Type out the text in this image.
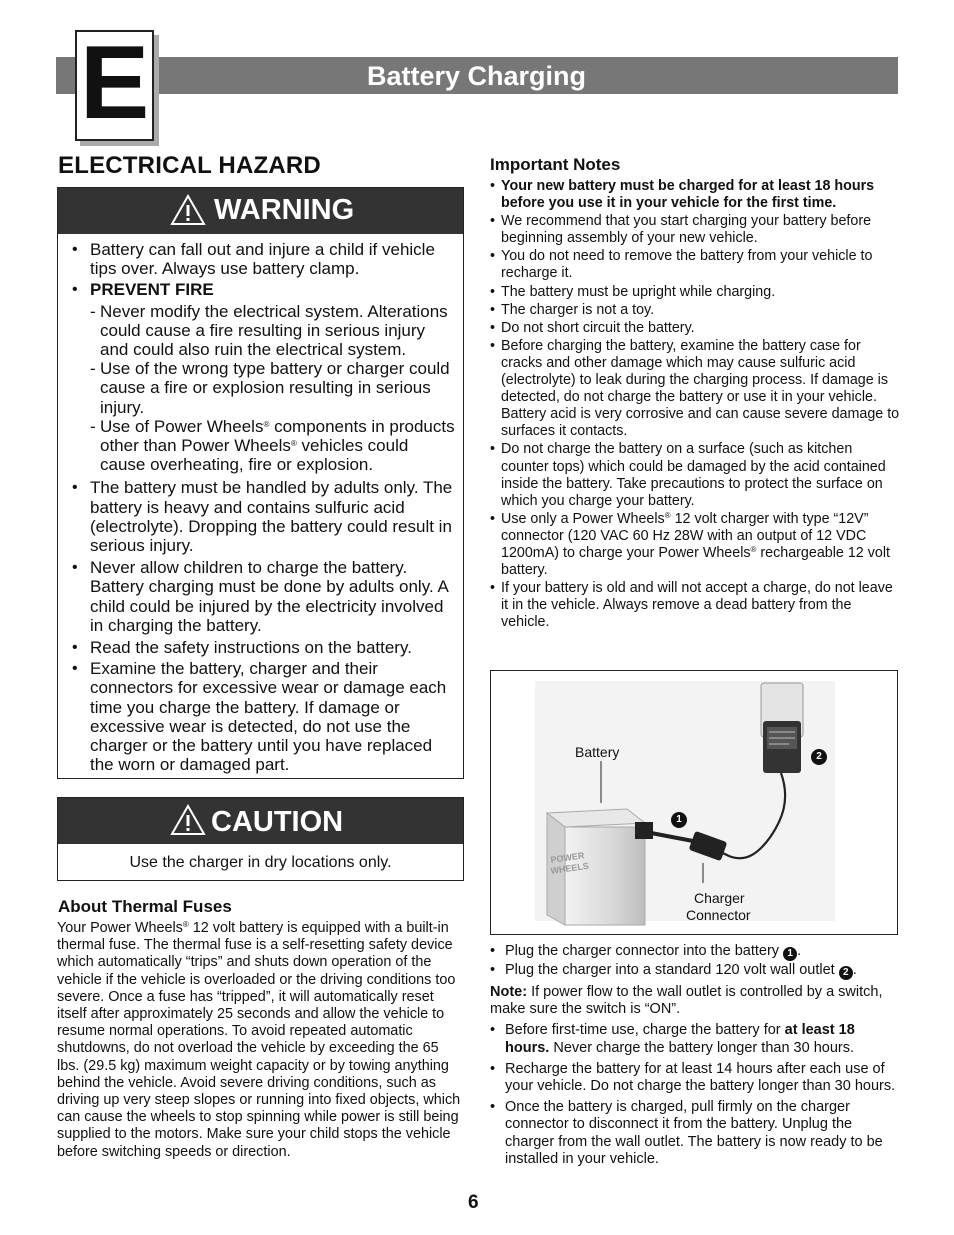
E	Battery Charging
ELECTRICAL HAZARD
WARNING
• Battery can fall out and injure a child if vehicle tips over. Always use battery clamp.
• PREVENT FIRE
- Never modify the electrical system. Alterations could cause a fire resulting in serious injury and could also ruin the electrical system.
- Use of the wrong type battery or charger could cause a fire or explosion resulting in serious injury.
- Use of Power Wheels® components in products other than Power Wheels® vehicles could cause overheating, fire or explosion.
• The battery must be handled by adults only. The battery is heavy and contains sulfuric acid (electrolyte). Dropping the battery could result in serious injury.
• Never allow children to charge the battery. Battery charging must be done by adults only. A child could be injured by the electricity involved in charging the battery.
• Read the safety instructions on the battery.
• Examine the battery, charger and their connectors for excessive wear or damage each time you charge the battery. If damage or excessive wear is detected, do not use the charger or the battery until you have replaced the worn or damaged part.
CAUTION
Use the charger in dry locations only.
About Thermal Fuses
Your Power Wheels® 12 volt battery is equipped with a built-in thermal fuse. The thermal fuse is a self-resetting safety device which automatically “trips” and shuts down operation of the vehicle if the vehicle is overloaded or the driving conditions too severe. Once a fuse has “tripped”, it will automatically reset itself after approximately 25 seconds and allow the vehicle to resume normal operations. To avoid repeated automatic shutdowns, do not overload the vehicle by exceeding the 65 lbs. (29.5 kg) maximum weight capacity or by towing anything behind the vehicle. Avoid severe driving conditions, such as driving up very steep slopes or running into fixed objects, which can cause the wheels to stop spinning while power is still being supplied to the motors. Make sure your child stops the vehicle before switching speeds or direction.
Important Notes
• Your new battery must be charged for at least 18 hours before you use it in your vehicle for the first time.
• We recommend that you start charging your battery before beginning assembly of your new vehicle.
• You do not need to remove the battery from your vehicle to recharge it.
• The battery must be upright while charging.
• The charger is not a toy.
• Do not short circuit the battery.
• Before charging the battery, examine the battery case for cracks and other damage which may cause sulfuric acid (electrolyte) to leak during the charging process. If damage is detected, do not charge the battery or use it in your vehicle. Battery acid is very corrosive and can cause severe damage to surfaces it contacts.
• Do not charge the battery on a surface (such as kitchen counter tops) which could be damaged by the acid contained inside the battery. Take precautions to protect the surface on which you charge your battery.
• Use only a Power Wheels® 12 volt charger with type “12V” connector (120 VAC 60 Hz 28W with an output of 12 VDC 1200mA) to charge your Power Wheels® rechargeable 12 volt battery.
• If your battery is old and will not accept a charge, do not leave it in the vehicle. Always remove a dead battery from the vehicle.
POWER
WHEELS
Battery
Charger
Connector
1
2
• Plug the charger connector into the battery 1 .
• Plug the charger into a standard 120 volt wall outlet 2 .
Note: If power flow to the wall outlet is controlled by a switch, make sure the switch is “ON”.
• Before first-time use, charge the battery for at least 18 hours. Never charge the battery longer than 30 hours.
• Recharge the battery for at least 14 hours after each use of your vehicle. Do not charge the battery longer than 30 hours.
• Once the battery is charged, pull firmly on the charger connector to disconnect it from the battery. Unplug the charger from the wall outlet. The battery is now ready to be installed in your vehicle.
6
